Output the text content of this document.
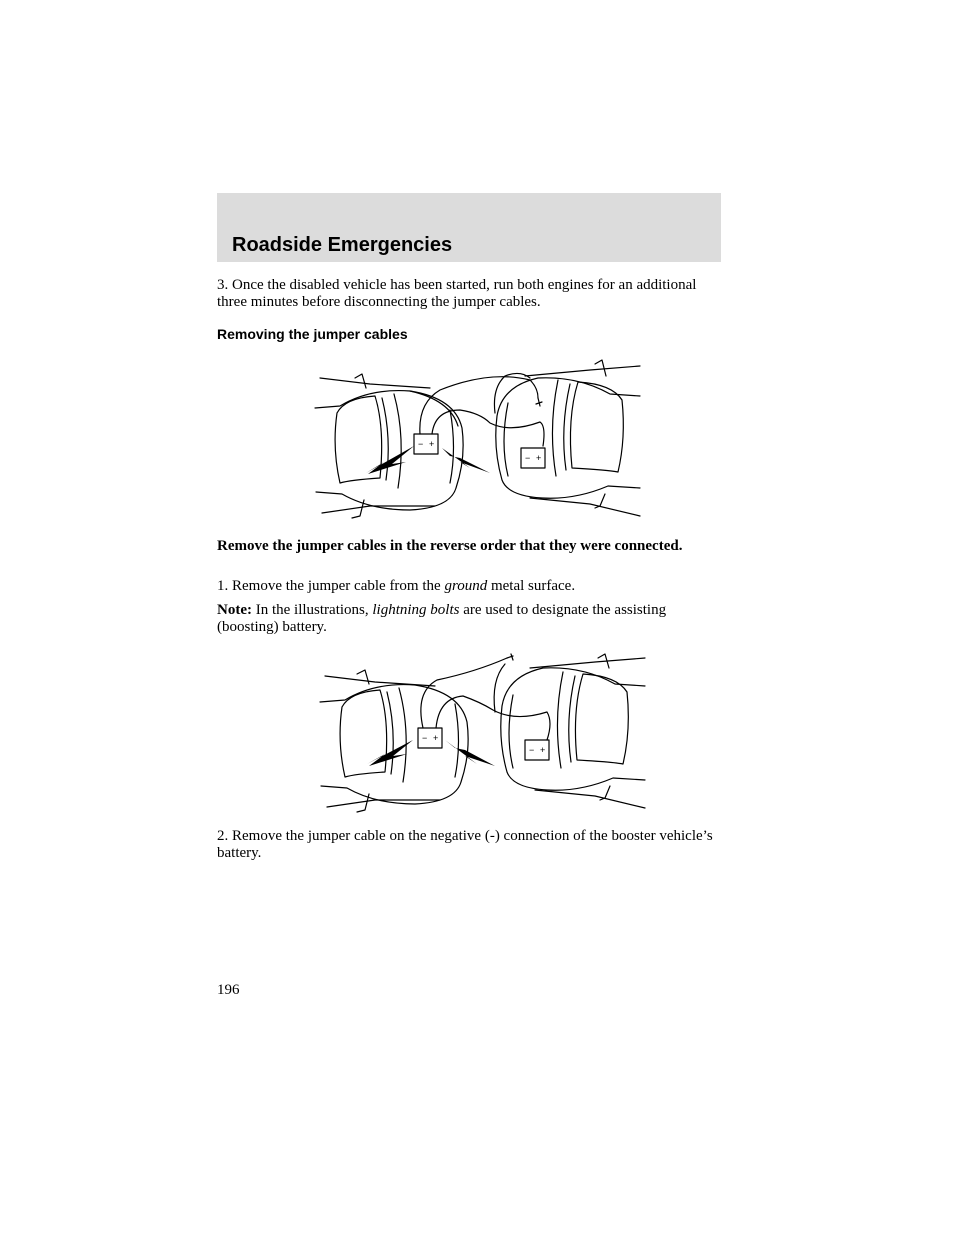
Roadside Emergencies

3. Once the disabled vehicle has been started, run both engines for an additional three minutes before disconnecting the jumper cables.

Removing the jumper cables
− +
− +

Remove the jumper cables in the reverse order that they were connected.

1. Remove the jumper cable from the ground metal surface.

Note: In the illustrations, lightning bolts are used to designate the assisting (boosting) battery.

− +
− +

2. Remove the jumper cable on the negative (-) connection of the booster vehicle’s battery.

196
